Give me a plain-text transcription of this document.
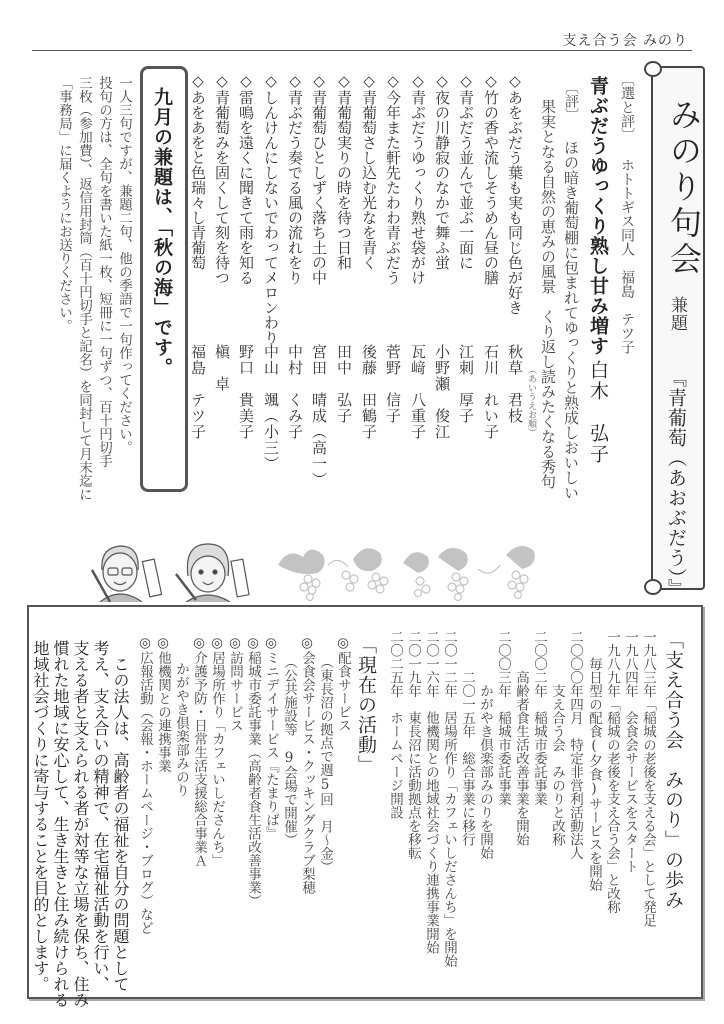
支え合う会 みのり
みのり句会
兼題
『青葡萄（あおぶだう）』
〔選と評〕ホトトギス同人　福島　テツ子
青ぶだうゆっくり熟し甘み増す
白木　弘子
〔評〕 ほの暗き葡萄棚に包まれてゆっくりと熟成しおいしい
果実となる自然の恵みの風景　くり返し読みたくなる秀句
（あいうえお順）
◇あをぶだう葉も実も同じ色が好き
秋草　君枝
◇竹の香や流しそうめん昼の膳
石川　れい子
◇青ぶだう並んで並ぶ一面に
江刺　厚子
◇夜の川静寂のなかで舞ふ蛍
小野瀬　俊江
◇青ぶだうゆっくり熟せ袋がけ
瓦﨑　八重子
◇今年また軒先たわわ青ぶだう
菅野　信子
◇青葡萄さし込む光なを青く
後藤　田鶴子
◇青葡萄実りの時を待つ日和
田中　弘子
◇青葡萄ひとしずく落ち土の中
宮田　晴成（高一）
◇青ぶだう奏でる風の流れをり
中村　くみ子
◇しんけんにしないでわってメロンわり
中山　颯（小三）
◇雷鳴を遠くに聞きて雨を知る
野口　貴美子
◇青葡萄みを固くして刻を待つ
槇　卓
◇あをあをと色瑞々し青葡萄
福島　テツ子
九月の兼題は、「秋の海」です。
一人三句ですが、兼題二句、他の季語で一句作ってください。
投句の方は、全句を書いた紙一枚、短冊に一句ずつ、百十円切手
三枚（参加費）、返信用封筒（百十円切手と記名）を同封して月末迄に
「事務局」に届くようにお送りください。
「支え合う会　みのり」の歩み
一九八三年「稲城の老後を支える会」として発足
一九八四年　会食会サービスをスタート
一九八九年「稲城の老後を支え合う会」と改称
　　毎日型の配食(夕食)サービスを開始
二〇〇〇年四月　特定非営利活動法人
　　　　支え合う会　みのりと改称
二〇〇二年　稲城市委託事業
　　　高齢者食生活改善事業を開始
二〇〇三年　稲城市委託事業
　　　　かがやき倶楽部みのりを開始
　　　二〇一五年　総合事業に移行
二〇一二年　居場所作り「カフェいしださんち」を開始
二〇一六年　他機関との地域社会づくり連携事業開始
二〇一九年　東長沼に活動拠点を移転
二〇二五年　ホームページ開設
「現在の活動」
◎配食サービス
　　（東長沼の拠点で週5回　月〜金）
◎会食会サービス・クッキングクラブ梨穂
　　（公共施設等　9会場で開催）
◎ミニデイサービス『たまりば』
◎稲城市委託事業（高齢者食生活改善事業）
◎訪問サービス
◎居場所作り「カフェいしださんち」
◎介護予防・日常生活支援総合事業Ａ
　　かがやき倶楽部みのり
◎他機関との連携事業
◎広報活動（会報・ホームページ・ブログ）など
　この法人は、高齢者の福祉を自分の問題として
考え、支え合いの精神で、在宅福祉活動を行い、
支える者と支えられる者が対等な立場を保ち、住み
慣れた地域に安心して、生き生きと住み続けられる
地域社会づくりに寄与することを目的とします。
